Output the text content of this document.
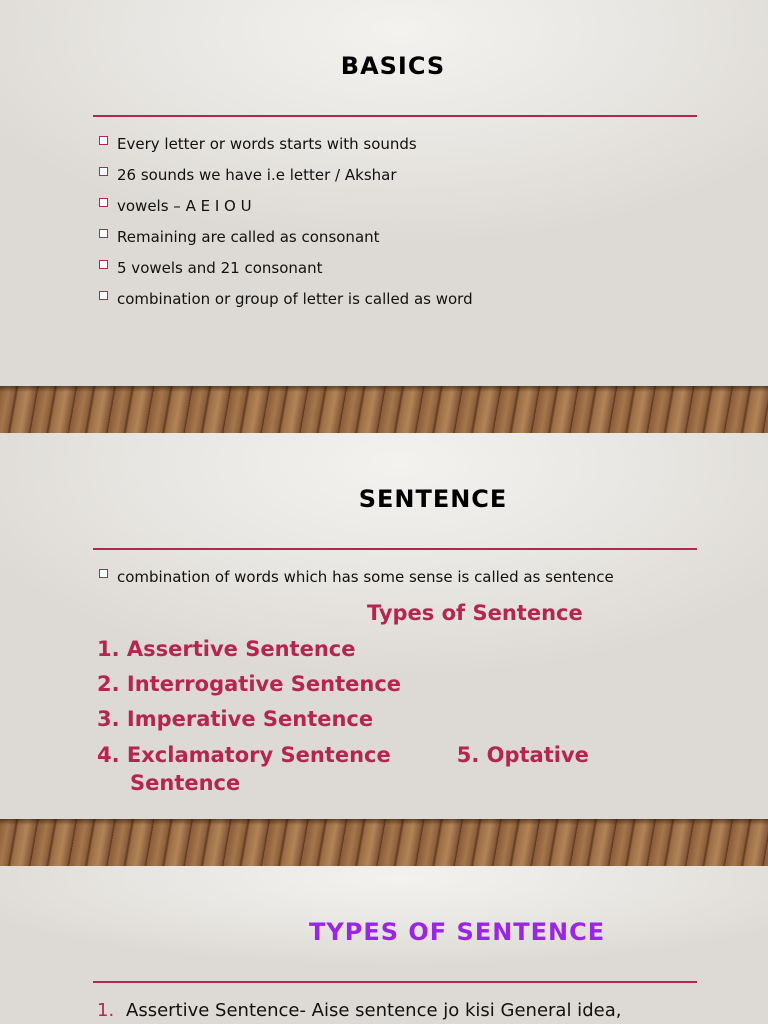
BASICS
Every letter or words starts with sounds
26 sounds we have i.e letter / Akshar
vowels – A E I O U
Remaining are called as consonant
5 vowels and 21 consonant
combination or group of letter is called as word
SENTENCE
combination of words which has some sense is called as sentence
Types of Sentence
1. Assertive Sentence
2. Interrogative Sentence
3. Imperative Sentence
4. Exclamatory Sentence	5. Optative Sentence
TYPES OF SENTENCE
1. Assertive Sentence- Aise sentence jo kisi General idea,
